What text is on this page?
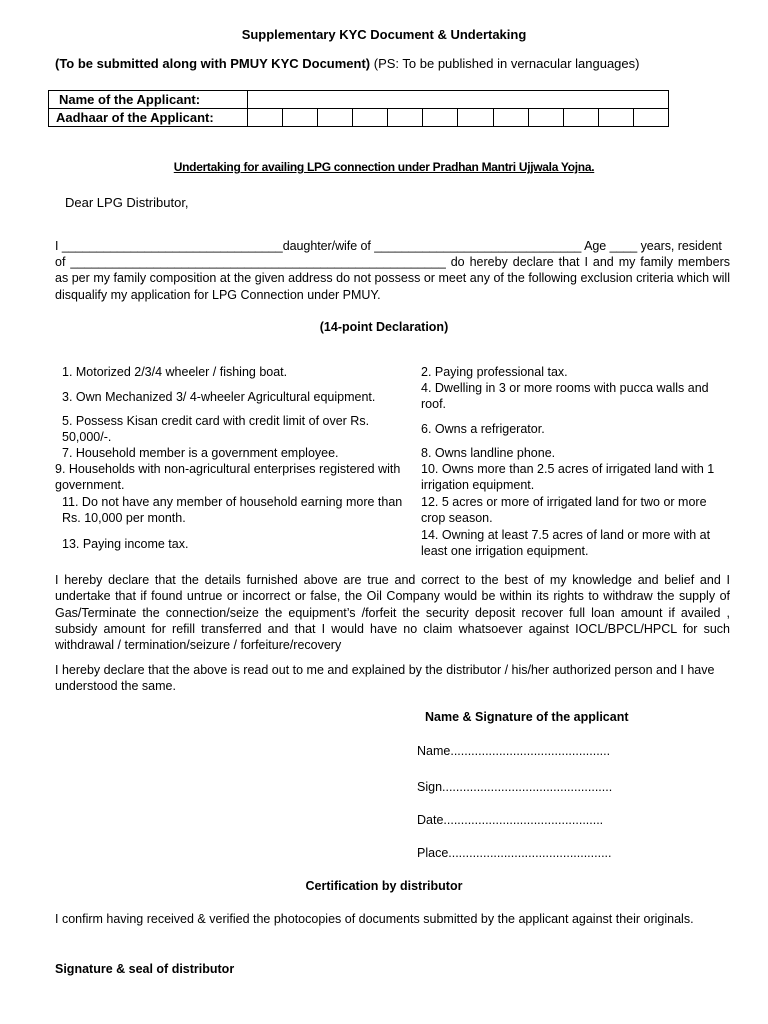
Supplementary KYC Document & Undertaking
(To be submitted along with PMUY KYC Document) (PS: To be published in vernacular languages)
Name of the Applicant:												
Aadhaar of the Applicant:												
Undertaking for availing LPG connection under Pradhan Mantri Ujjwala Yojna.
Dear LPG Distributor,
I ________________________________daughter/wife of ______________________________ Age ____ years, resident
of ______________________________________________________ do hereby declare that I and my family members as per my family composition at the given address do not possess or meet any of the following exclusion criteria which will disqualify my application for LPG Connection under PMUY.
(14-point Declaration)
1. Motorized 2/3/4 wheeler / fishing boat.
3. Own Mechanized 3/ 4-wheeler Agricultural equipment.
5. Possess Kisan credit card with credit limit of over Rs. 50,000/-.
7. Household member is a government employee.
9. Households with non-agricultural enterprises registered with government.
11. Do not have any member of household earning more than Rs. 10,000 per month.
13. Paying income tax.
2. Paying professional tax.
4. Dwelling in 3 or more rooms with pucca walls and roof.
6. Owns a refrigerator.
8. Owns landline phone.
10. Owns more than 2.5 acres of irrigated land with 1 irrigation equipment.
12. 5 acres or more of irrigated land for two or more crop season.
14. Owning at least 7.5 acres of land or more with at least one irrigation equipment.
I hereby declare that the details furnished above are true and correct to the best of my knowledge and belief and I undertake that if found untrue or incorrect or false, the Oil Company would be within its rights to withdraw the supply of Gas/Terminate the connection/seize the equipment’s /forfeit the security deposit recover full loan amount if availed , subsidy amount for refill transferred and that I would have no claim whatsoever against IOCL/BPCL/HPCL for such withdrawal / termination/seizure / forfeiture/recovery
I hereby declare that the above is read out to me and explained by the distributor / his/her authorized person and I have understood the same.
Name & Signature of the applicant
Name..............................................
Sign.................................................
Date..............................................
Place...............................................
Certification by distributor
I confirm having received & verified the photocopies of documents submitted by the applicant against their originals.
Signature & seal of distributor
